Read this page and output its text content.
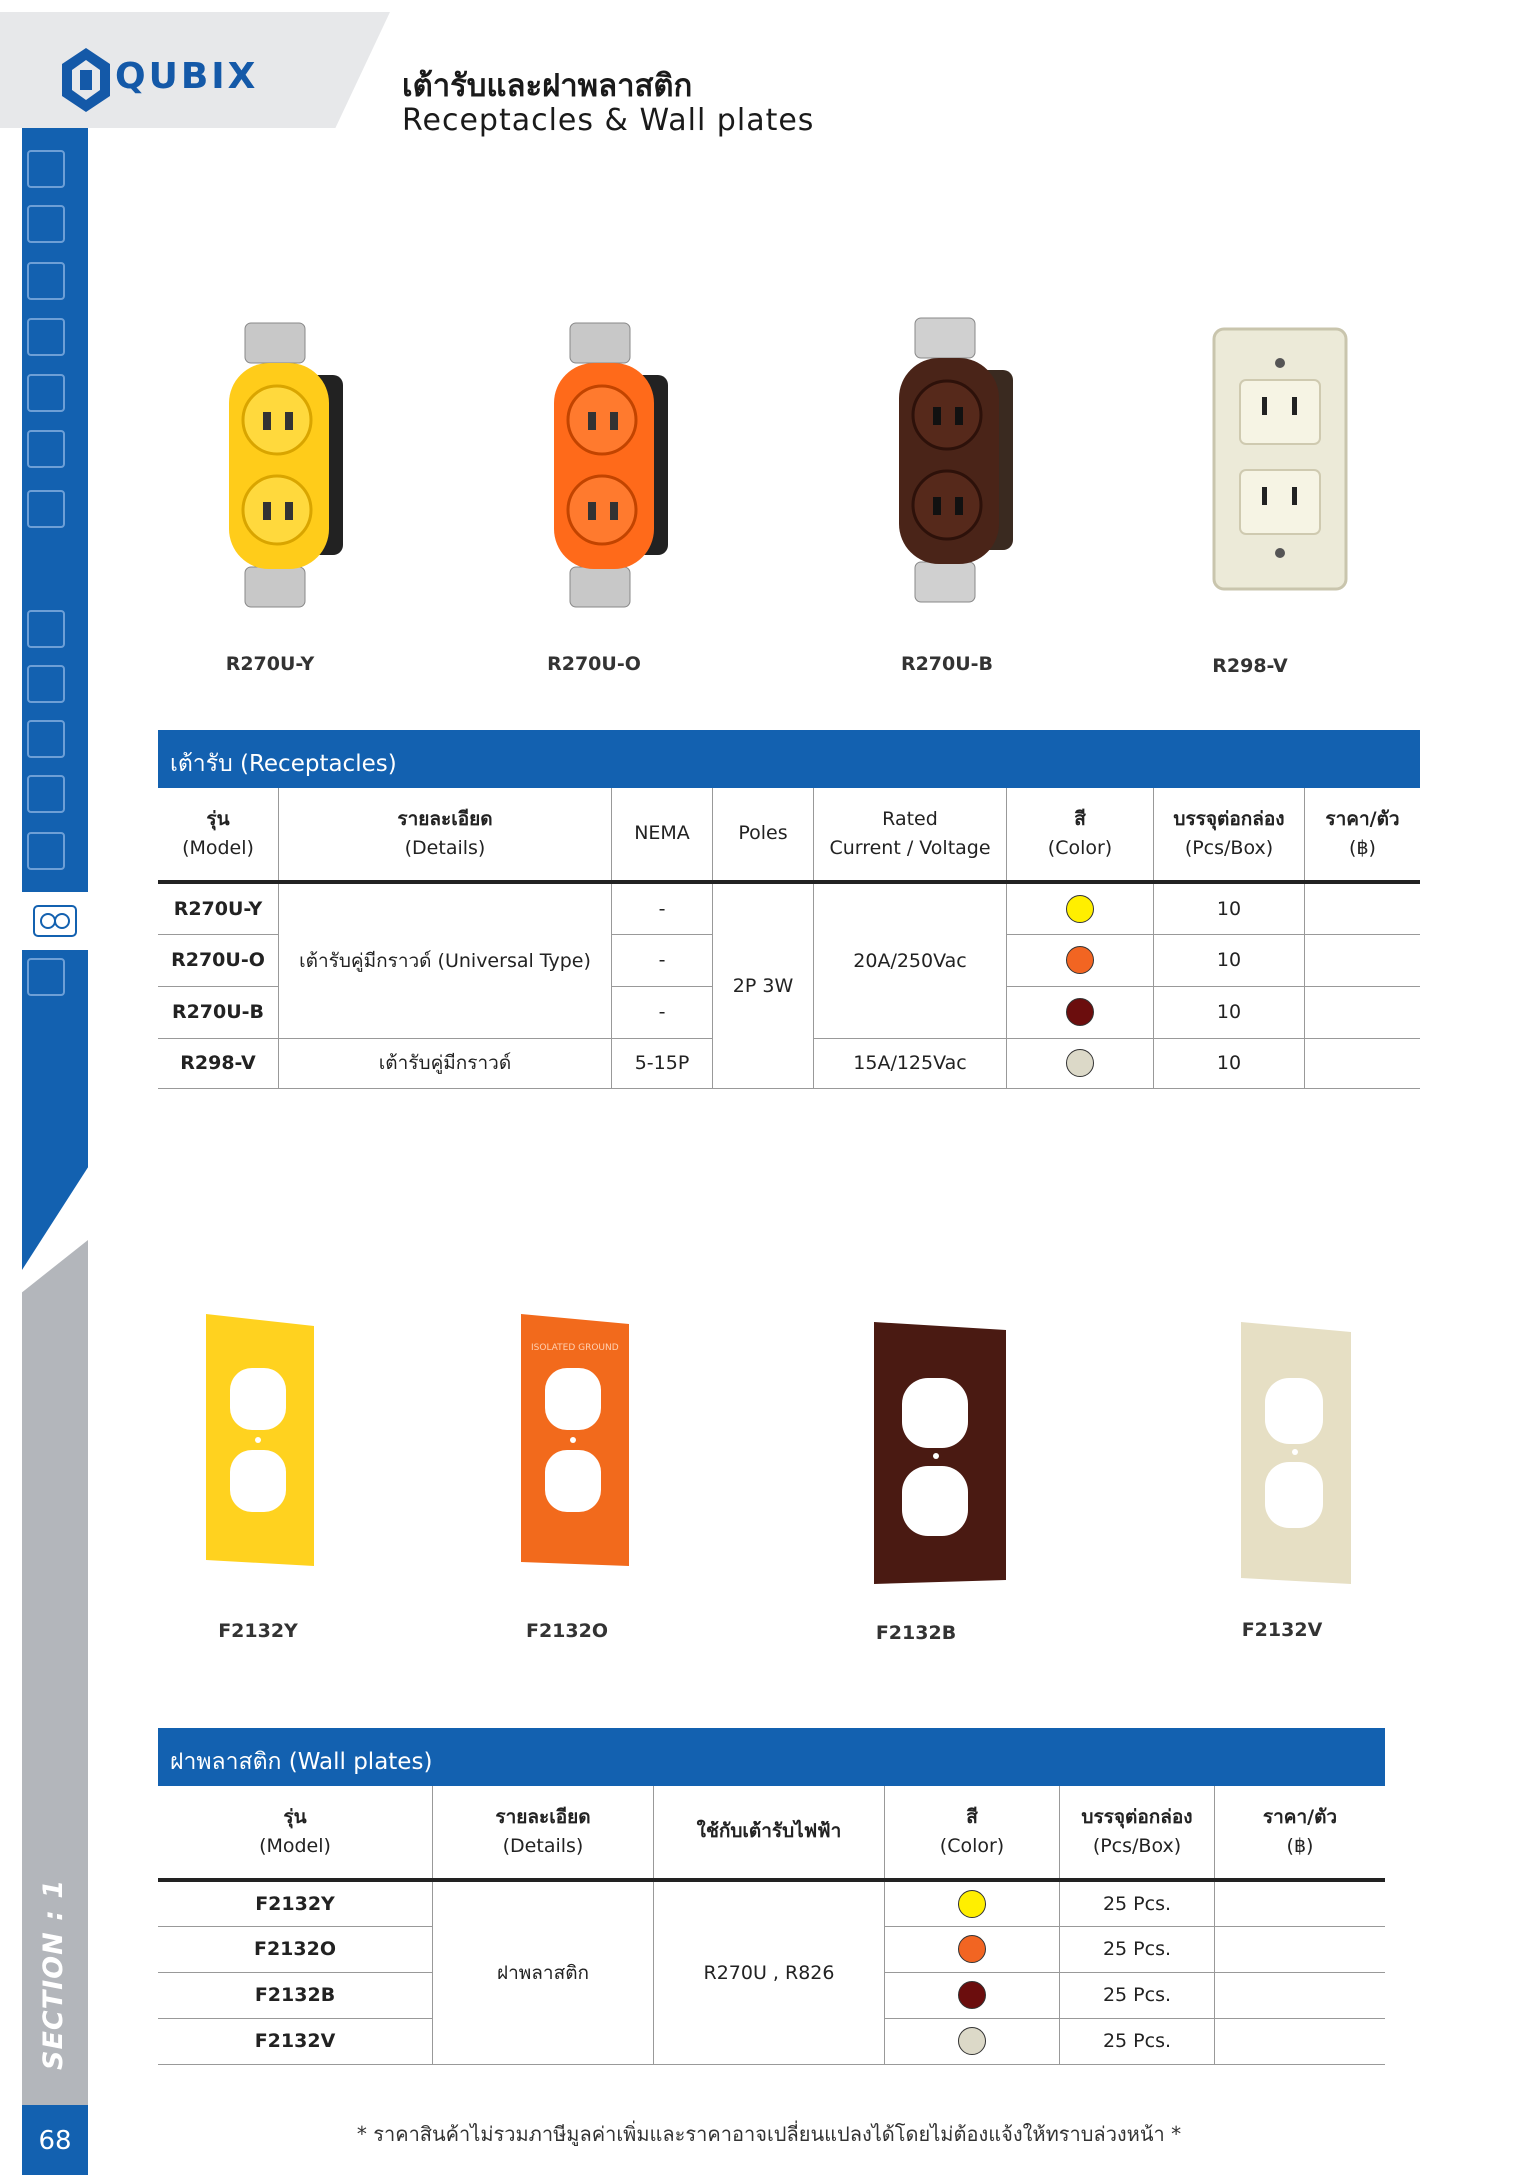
QUBIX	เต้ารับและฝาพลาสติก
Receptacles & Wall plates
SECTION : 1
68
R270U-Y	R270U-O	R270U-B	R298-V
เต้ารับ (Receptacles)
รุ่น
(Model)	รายละเอียด
(Details)	NEMA	Poles	Rated
Current / Voltage	สี
(Color)	บรรจุต่อกล่อง
(Pcs/Box)	ราคา/ตัว
(฿)
R270U-Y	เต้ารับคู่มีกราวด์ (Universal Type)	-	2P 3W	20A/250Vac		10	
R270U-O		-				10	
R270U-B		-				10	
R298-V	เต้ารับคู่มีกราวด์	5-15P		15A/125Vac		10	
ISOLATED GROUND
F2132Y	F2132O	F2132B	F2132V
ฝาพลาสติก (Wall plates)
รุ่น
(Model)	รายละเอียด
(Details)	ใช้กับเต้ารับไฟฟ้า	สี
(Color)	บรรจุต่อกล่อง
(Pcs/Box)	ราคา/ตัว
(฿)
F2132Y	ฝาพลาสติก	R270U , R826		25 Pcs.	
F2132O				25 Pcs.	
F2132B				25 Pcs.	
F2132V				25 Pcs.	
* ราคาสินค้าไม่รวมภาษีมูลค่าเพิ่มและราคาอาจเปลี่ยนแปลงได้โดยไม่ต้องแจ้งให้ทราบล่วงหน้า *
